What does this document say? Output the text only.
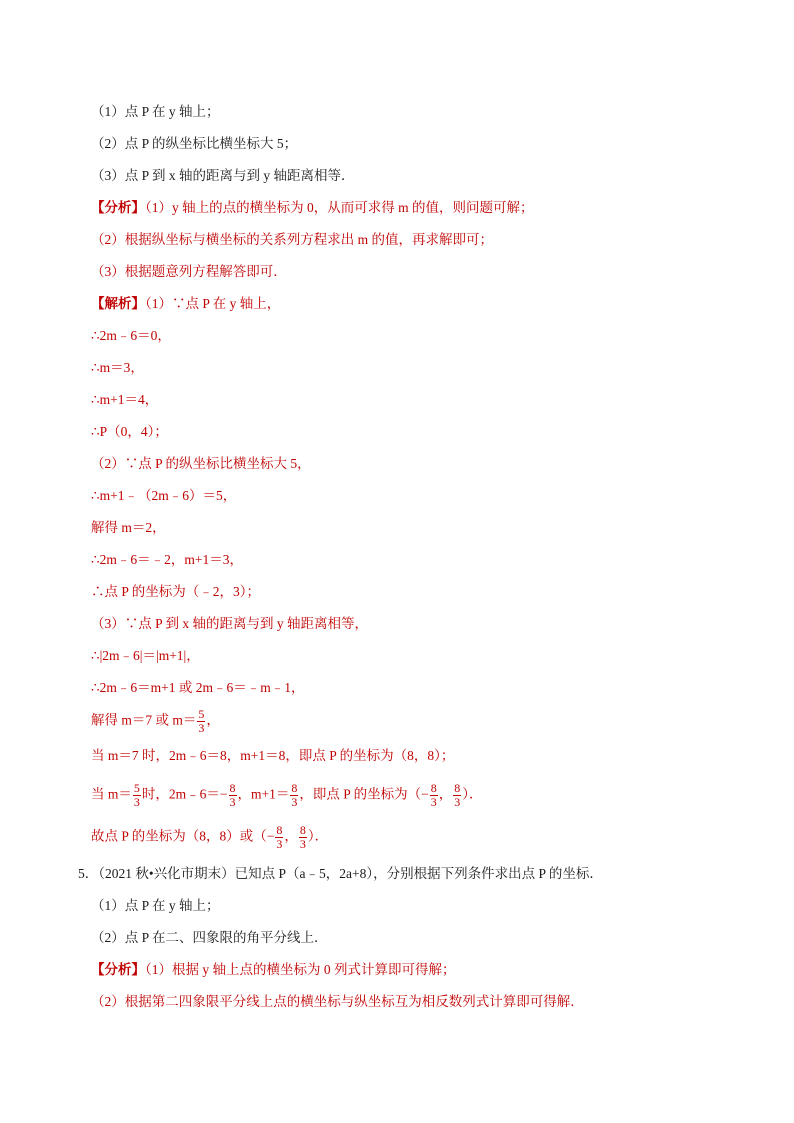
（1）点 P 在 y 轴上；
（2）点 P 的纵坐标比横坐标大 5；
（3）点 P 到 x 轴的距离与到 y 轴距离相等．
【分析】（1）y 轴上的点的横坐标为 0，从而可求得 m 的值，则问题可解；
（2）根据纵坐标与横坐标的关系列方程求出 m 的值，再求解即可；
（3）根据题意列方程解答即可．
【解析】（1）∵点 P 在 y 轴上，
∴2m﹣6＝0，
∴m＝3，
∴m+1＝4，
∴P（0，4）；
（2）∵点 P 的纵坐标比横坐标大 5，
∴m+1﹣（2m﹣6）＝5，
解得 m＝2，
∴2m﹣6＝﹣2，m+1＝3，
∴点 P 的坐标为（﹣2，3）；
（3）∵点 P 到 x 轴的距离与到 y 轴距离相等，
∴|2m﹣6|＝|m+1|，
∴2m﹣6＝m+1 或 2m﹣6＝﹣m﹣1，
解得 m＝7 或 $m= \frac{5}{3}$ ，
当 m＝7 时，2m﹣6＝8，m+1＝8，即点 P 的坐标为（8，8）；
当 $m= \frac{5}{3}$ 时，2m﹣6＝− $\frac{8}{3}$ ，$m+1= \frac{8}{3}$ ，即点 P 的坐标为（− $\frac{8}{3}$ ， $\frac{8}{3}$ ）．
故点 P 的坐标为（8，8）或（− $\frac{8}{3}$ ， $\frac{8}{3}$ ）．
5．（2021 秋•兴化市期末）已知点 P（a﹣5，2a+8），分别根据下列条件求出点 P 的坐标．
（1）点 P 在 y 轴上；
（2）点 P 在二、四象限的角平分线上．
【分析】（1）根据 y 轴上点的横坐标为 0 列式计算即可得解；
（2）根据第二四象限平分线上点的横坐标与纵坐标互为相反数列式计算即可得解．
